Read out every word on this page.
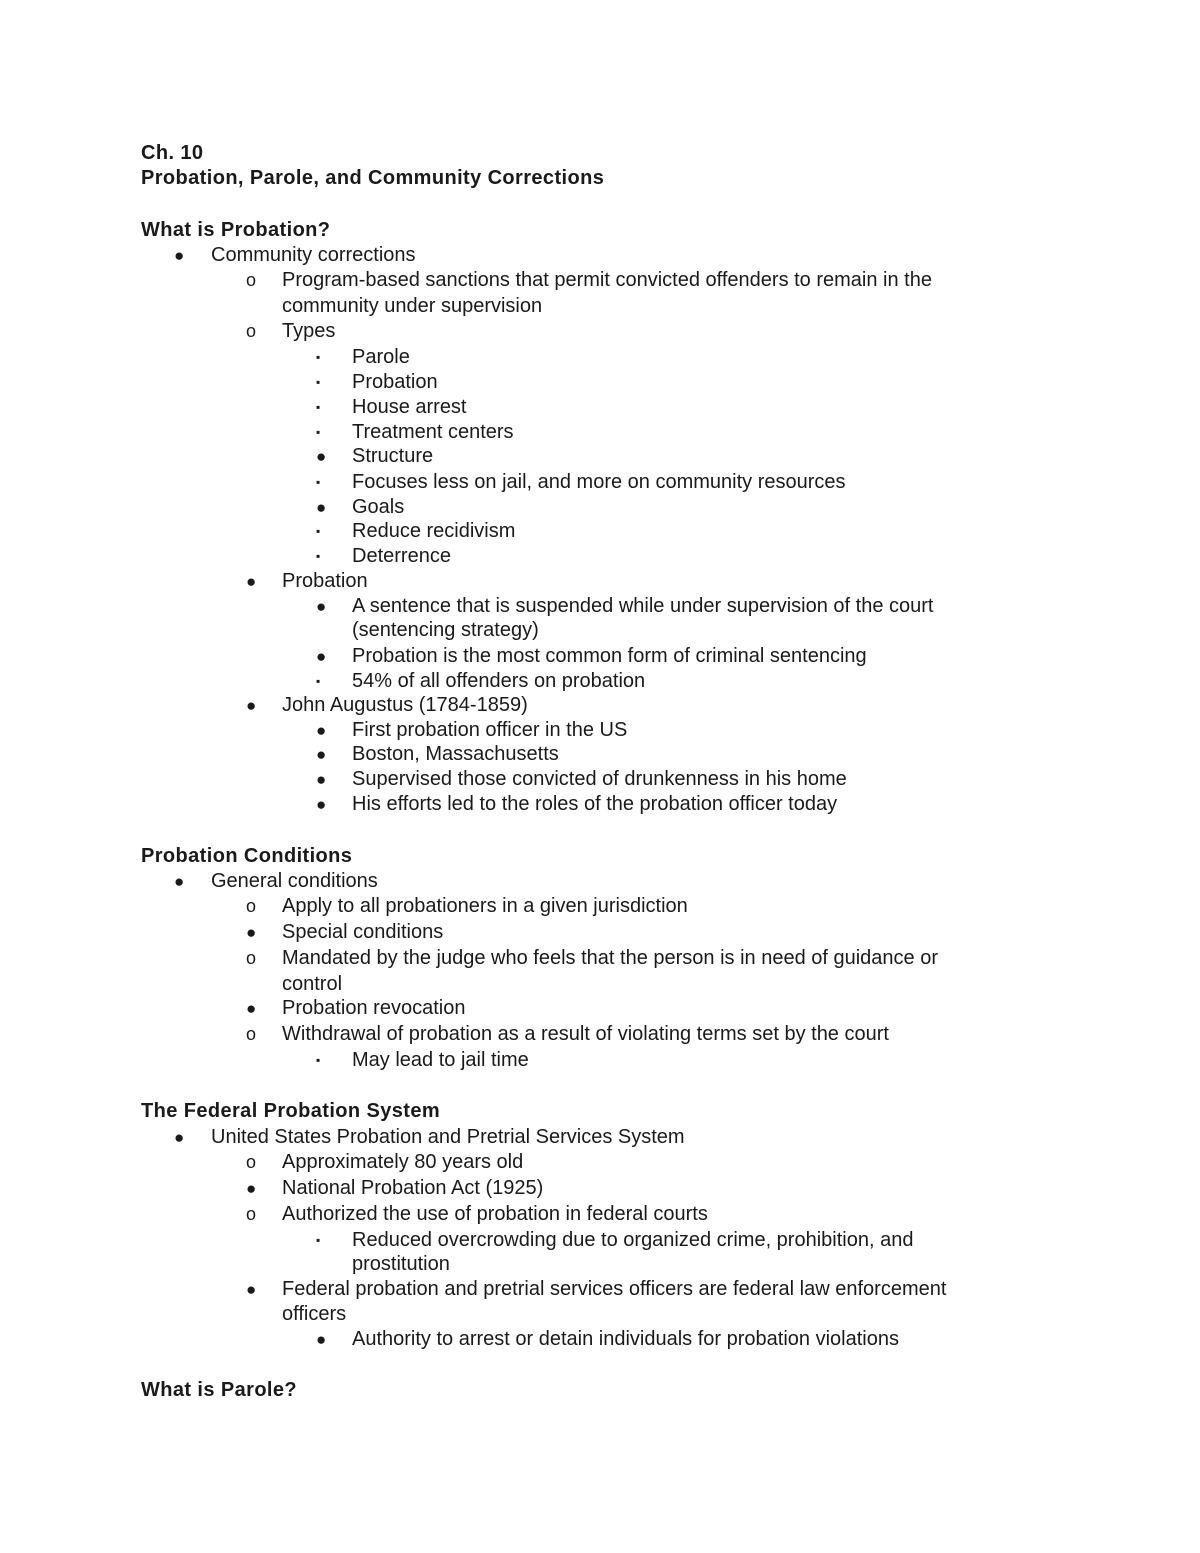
Ch. 10
Probation, Parole, and Community Corrections
What is Probation?
● Community corrections
o Program-based sanctions that permit convicted offenders to remain in the
community under supervision
o Types
▪ Parole
▪ Probation
▪ House arrest
▪ Treatment centers
● Structure
▪ Focuses less on jail, and more on community resources
● Goals
▪ Reduce recidivism
▪ Deterrence
● Probation
● A sentence that is suspended while under supervision of the court
(sentencing strategy)
● Probation is the most common form of criminal sentencing
▪ 54% of all offenders on probation
● John Augustus (1784-1859)
● First probation officer in the US
● Boston, Massachusetts
● Supervised those convicted of drunkenness in his home
● His efforts led to the roles of the probation officer today
Probation Conditions
● General conditions
o Apply to all probationers in a given jurisdiction
● Special conditions
o Mandated by the judge who feels that the person is in need of guidance or
control
● Probation revocation
o Withdrawal of probation as a result of violating terms set by the court
▪ May lead to jail time
The Federal Probation System
● United States Probation and Pretrial Services System
o Approximately 80 years old
● National Probation Act (1925)
o Authorized the use of probation in federal courts
▪ Reduced overcrowding due to organized crime, prohibition, and
prostitution
● Federal probation and pretrial services officers are federal law enforcement
officers
● Authority to arrest or detain individuals for probation violations
What is Parole?
